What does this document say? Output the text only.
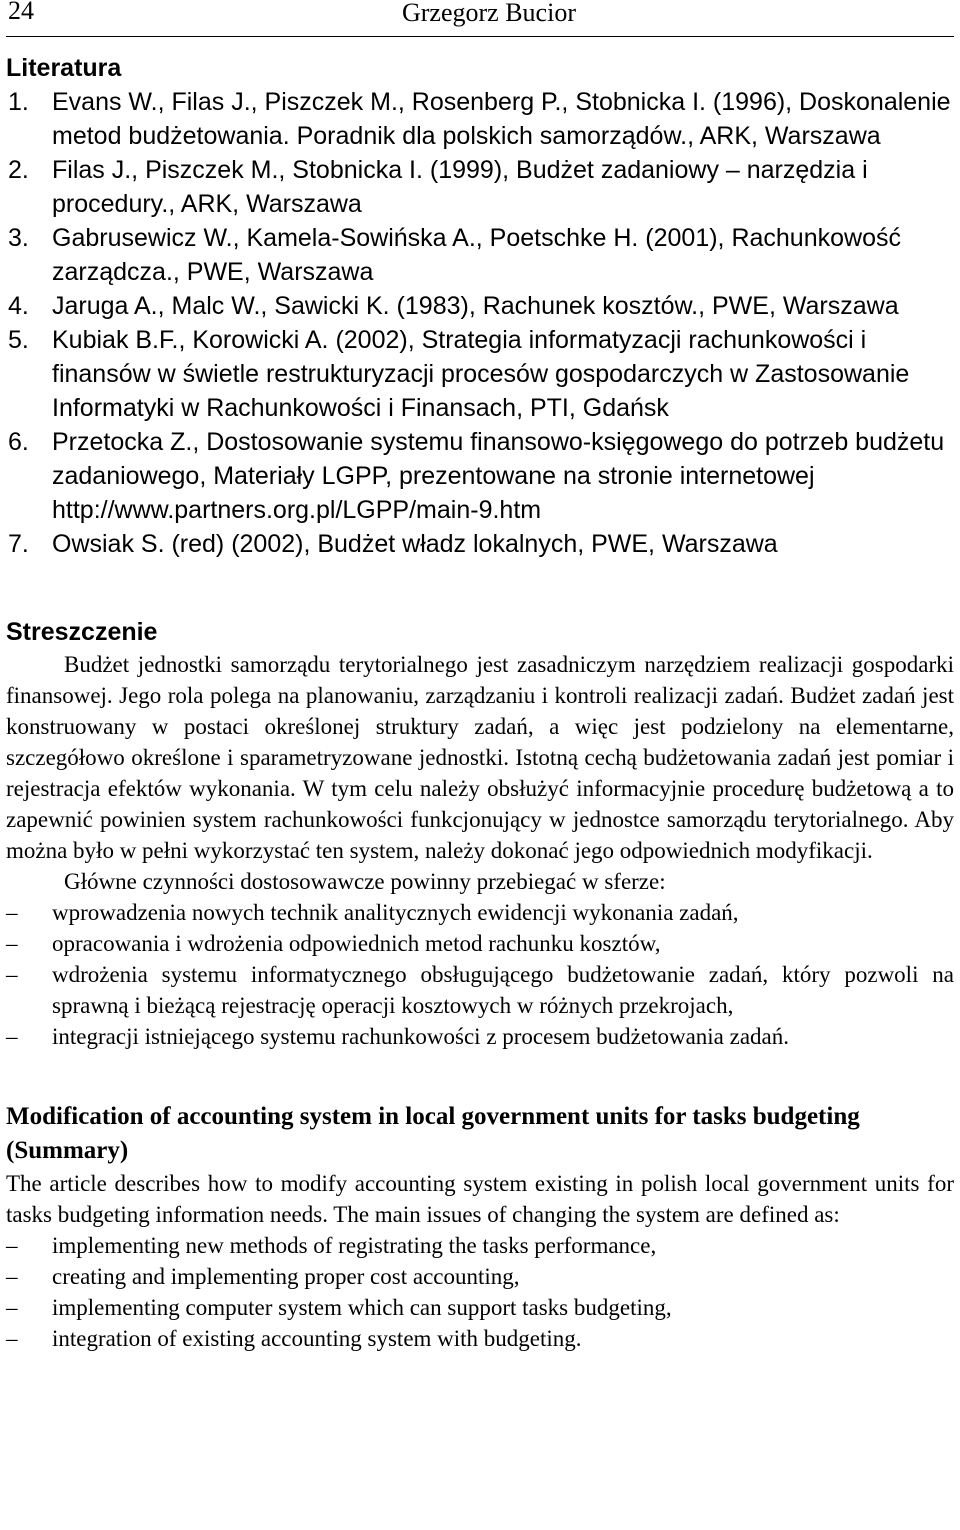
24	Grzegorz Bucior
Literatura
1. Evans W., Filas J., Piszczek M., Rosenberg P., Stobnicka I. (1996), Doskonalenie metod budżetowania. Poradnik dla polskich samorządów., ARK, Warszawa
2. Filas J., Piszczek M., Stobnicka I. (1999), Budżet zadaniowy – narzędzia i procedury., ARK, Warszawa
3. Gabrusewicz W., Kamela-Sowińska A., Poetschke H. (2001), Rachunkowość zarządcza., PWE, Warszawa
4. Jaruga A., Malc W., Sawicki K. (1983), Rachunek kosztów., PWE, Warszawa
5. Kubiak B.F., Korowicki A. (2002), Strategia informatyzacji rachunkowości i finansów w świetle restrukturyzacji procesów gospodarczych w Zastosowanie Informatyki w Rachunkowości i Finansach, PTI, Gdańsk
6. Przetocka Z., Dostosowanie systemu finansowo-księgowego do potrzeb budżetu zadaniowego, Materiały LGPP, prezentowane na stronie internetowej http://www.partners.org.pl/LGPP/main-9.htm
7. Owsiak S. (red) (2002), Budżet władz lokalnych, PWE, Warszawa
Streszczenie

Budżet jednostki samorządu terytorialnego jest zasadniczym narzędziem realizacji gospodarki finansowej. Jego rola polega na planowaniu, zarządzaniu i kontroli realizacji zadań. Budżet zadań jest konstruowany w postaci określonej struktury zadań, a więc jest podzielony na elementarne, szczegółowo określone i sparametryzowane jednostki. Istotną cechą budżetowania zadań jest pomiar i rejestracja efektów wykonania. W tym celu należy obsłużyć informacyjnie procedurę budżetową a to zapewnić powinien system rachunkowości funkcjonujący w jednostce samorządu terytorialnego. Aby można było w pełni wykorzystać ten system, należy dokonać jego odpowiednich modyfikacji.

Główne czynności dostosowawcze powinny przebiegać w sferze:

– wprowadzenia nowych technik analitycznych ewidencji wykonania zadań,
– opracowania i wdrożenia odpowiednich metod rachunku kosztów,
– wdrożenia systemu informatycznego obsługującego budżetowanie zadań, który pozwoli na sprawną i bieżącą rejestrację operacji kosztowych w różnych przekrojach,
– integracji istniejącego systemu rachunkowości z procesem budżetowania zadań.
Modification of accounting system in local government units for tasks budgeting (Summary)

The article describes how to modify accounting system existing in polish local government units for tasks budgeting information needs. The main issues of changing the system are defined as:

– implementing new methods of registrating the tasks performance,
– creating and implementing proper cost accounting,
– implementing computer system which can support tasks budgeting,
– integration of existing accounting system with budgeting.
